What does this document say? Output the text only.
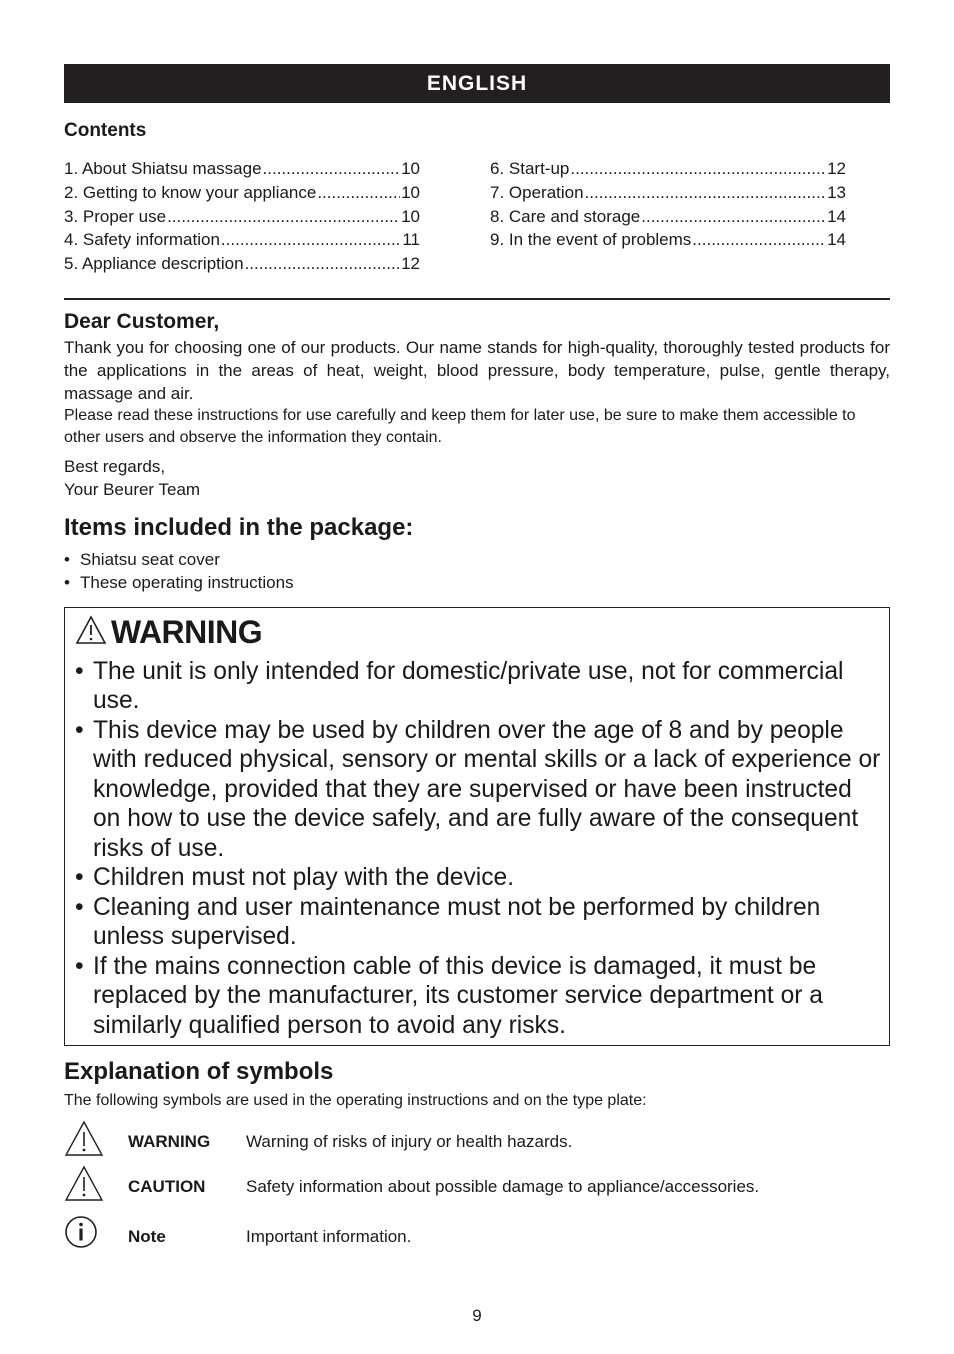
ENGLISH
Contents
1. About Shiatsu massage .....	10
2. Getting to know your appliance .....	10
3. Proper use .....	10
4. Safety information .....	11
5. Appliance description .....	12
6. Start-up .....	12
7. Operation .....	13
8. Care and storage .....	14
9. In the event of problems .....	14
Dear Customer,
Thank you for choosing one of our products. Our name stands for high-quality, thoroughly tested products for the applications in the areas of heat, weight, blood pressure, body temperature, pulse, gentle therapy, massage and air.
Please read these instructions for use carefully and keep them for later use, be sure to make them accessible to other users and observe the information they contain.
Best regards,
Your Beurer Team
Items included in the package:
• Shiatsu seat cover
• These operating instructions
WARNING
• The unit is only intended for domestic/private use, not for commercial use.
• This device may be used by children over the age of 8 and by people with reduced physical, sensory or mental skills or a lack of experience or knowledge, provided that they are supervised or have been instructed on how to use the device safely, and are fully aware of the consequent risks of use.
• Children must not play with the device.
• Cleaning and user maintenance must not be performed by children unless supervised.
• If the mains connection cable of this device is damaged, it must be replaced by the manufacturer, its customer service department or a similarly qualified person to avoid any risks.
Explanation of symbols
The following symbols are used in the operating instructions and on the type plate:
WARNING Warning of risks of injury or health hazards.
CAUTION Safety information about possible damage to appliance/accessories.
Note	Important information.
9
